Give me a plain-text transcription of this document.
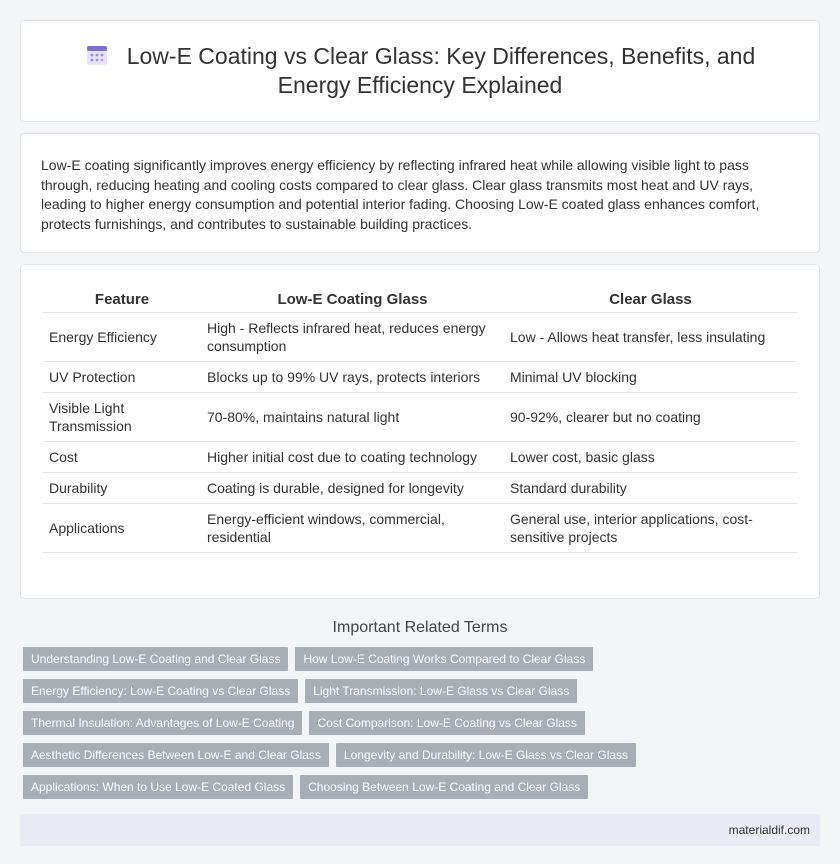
Low-E Coating vs Clear Glass: Key Differences, Benefits, and Energy Efficiency Explained

Low-E coating significantly improves energy efficiency by reflecting infrared heat while allowing visible light to pass through, reducing heating and cooling costs compared to clear glass. Clear glass transmits most heat and UV rays, leading to higher energy consumption and potential interior fading. Choosing Low-E coated glass enhances comfort, protects furnishings, and contributes to sustainable building practices.

Feature	Low-E Coating Glass	Clear Glass
Energy Efficiency	High - Reflects infrared heat, reduces energy consumption	Low - Allows heat transfer, less insulating
UV Protection	Blocks up to 99% UV rays, protects interiors	Minimal UV blocking
Visible Light Transmission	70-80%, maintains natural light	90-92%, clearer but no coating
Cost	Higher initial cost due to coating technology	Lower cost, basic glass
Durability	Coating is durable, designed for longevity	Standard durability
Applications	Energy-efficient windows, commercial, residential	General use, interior applications, cost-sensitive projects
Important Related Terms
Understanding Low-E Coating and Clear Glass	How Low-E Coating Works Compared to Clear Glass
Energy Efficiency: Low-E Coating vs Clear Glass	Light Transmission: Low-E Glass vs Clear Glass
Thermal Insulation: Advantages of Low-E Coating	Cost Comparison: Low-E Coating vs Clear Glass
Aesthetic Differences Between Low-E and Clear Glass	Longevity and Durability: Low-E Glass vs Clear Glass
Applications: When to Use Low-E Coated Glass	Choosing Between Low-E Coating and Clear Glass
materialdif.com
